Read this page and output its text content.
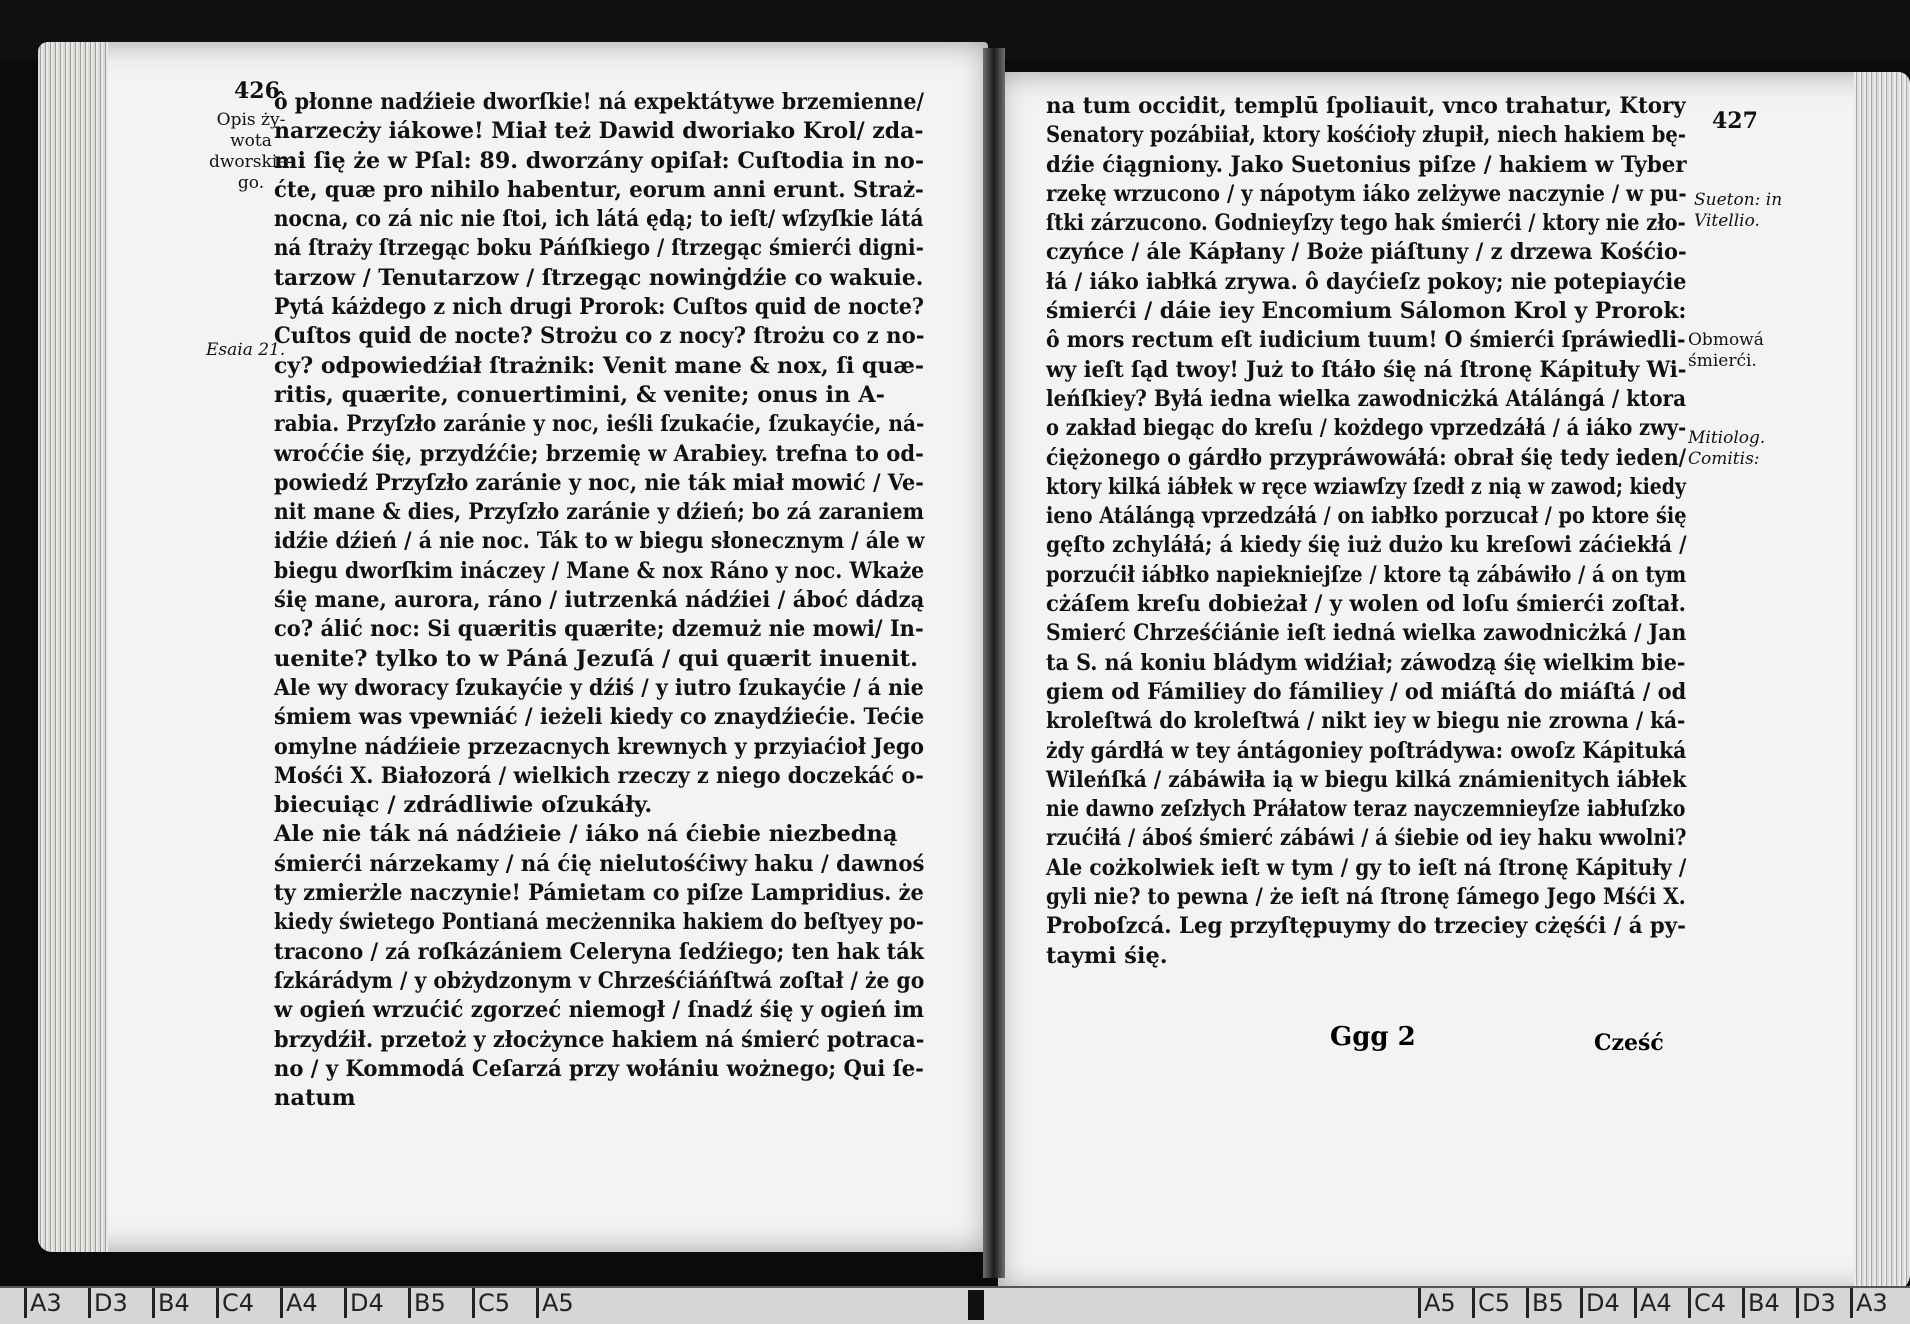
426
Opis ży-
wota
dworskie-
go.
Esaia 21.
ô płonne nadźieie dworſkie! ná expektátywe brzemienne/
narzecży iákowe! Miał też Dawid dworiako Krol/ zda-
mi ſię że w Pſal: 89. dworzány opiſał: Cuſtodia in no-
ćte, quæ pro nihilo habentur, eorum anni erunt. Straż-
nocna, co zá nic nie ſtoi, ich látá ędą; to ieſt/ wſzyſkie látá
ná ſtraży ſtrzegąc boku Páńſkiego / ſtrzegąc śmierći digni-
tarzow / Tenutarzow / ſtrzegąc nowinġdźie co wakuie.
Pytá káżdego z nich drugi Prorok: Cuſtos quid de nocte?
Cuſtos quid de nocte? Strożu co z nocy? ſtrożu co z no-
cy? odpowiedźiał ſtrażnik: Venit mane & nox, ſi quæ-
ritis, quærite, conuertimini, & venite; onus in A-
rabia. Przyſzło zaránie y noc, ieśli ſzukaćie, ſzukayćie, ná-
wroććie śię, przydźćie; brzemię w Arabiey. trefna to od-
powiedź Przyſzło zaránie y noc, nie ták miał mowić / Ve-
nit mane & dies, Przyſzło zaránie y dźień; bo zá zaraniem
idźie dźień / á nie noc. Ták to w biegu słonecznym / ále w
biegu dworſkim ináczey / Mane & nox Ráno y noc. Wkaże
śię mane, aurora, ráno / iutrzenká nádźiei / áboć dádzą
co? álić noc: Si quæritis quærite; ǳemuż nie mowi/ In-
uenite? tylko to w Páná Jezuſá / qui quærit inuenit.
Ale wy dworacy ſzukayćie y dźiś / y iutro ſzukayćie / á nie
śmiem was vpewniáć / ieżeli kiedy co znaydźiećie. Tećie
omylne nádźieie przezacnych krewnych y przyiaćioł Jego
Mośći X. Białozorá / wielkich rzeczy z niego doczekáć o-
biecuiąc / zdrádliwie oſzukáły.
Ale nie ták ná nádźieie / iáko ná ćiebie niezbedną
śmierći nárzekamy / ná ćię nielutośćiwy haku / dawnoś
ty zmierżle naczynie! Pámietam co piſze Lampridius. że
kiedy świetego Pontianá mecżennika hakiem do beſtyey po-
tracono / zá roſkázániem Celeryna ſedźiego; ten hak ták
ſzkárádym / y obżydzonym v Chrześćiáńſtwá zoſtał / że go
w ogień wrzućić zgorzeć niemogł / ſnadź śię y ogień im
brzydźił. przetoż y złocżynce hakiem ná śmierć potraca-
no / y Kommodá Ceſarzá przy wołániu wożnego; Qui ſe-
natum
427
Sueton: in
Vitellio.
Obmowá
śmierći.
Mitiolog.
Comitis:
na tum occidit, templū ſpoliauit, vnco trahatur, Ktory
Senatory pozábiiał, ktory kośćioły złupił, niech hakiem bę-
dźie ćiągniony. Jako Suetonius piſze / hakiem w Tyber
rzekę wrzucono / y nápotym iáko zelżywe naczynie / w pu-
ſtki zárzucono. Godnieyſzy tego hak śmierći / ktory nie zło-
czyńce / ále Kápłany / Boże piáſtuny / z drzewa Kośćio-
łá / iáko iabłká zrywa. ô dayćieſz pokoy; nie potepiayćie
śmierći / dáie iey Encomium Sálomon Krol y Prorok:
ô mors rectum eſt iudicium tuum! O śmierći ſpráwiedli-
wy ieſt ſąd twoy! Już to ſtáło śię ná ſtronę Kápituły Wi-
leńſkiey? Byłá iedna wielka zawodnicżká Atálángá / ktora
o zakład biegąc do kreſu / kożdego vprzedzáłá / á iáko zwy-
ćiężonego o gárdło przypráwowáłá: obrał śię tedy ieden/
ktory kilká iábłek w ręce wziawſzy ſzedł z nią w zawod; kiedy
ieno Atálángą vprzedzáłá / on iabłko porzucał / po ktore śię
gęſto zchyláłá; á kiedy śię iuż dużo ku kreſowi záćiekłá /
porzućił iábłko napiekniejſze / ktore tą zábáwiło / á on tym
cżáſem kreſu dobieżał / y wolen od loſu śmierći zoſtał.
Smierć Chrześćiánie ieſt iedná wielka zawodnicżká / Jan
ta S. ná koniu bládym widźiał; záwodzą śię wielkim bie-
giem od Fámiliey do fámiliey / od miáſtá do miáſtá / od
kroleſtwá do kroleſtwá / nikt iey w biegu nie zrowna / ká-
żdy gárdłá w tey ántágoniey poſtrádywa: owoſz Kápituká
Wileńſká / zábáwiła ią w biegu kilká známienitych iábłek
nie dawno zeſzłych Práłatow teraz nayczemnieyſze iabłuſzko
rzućiłá / áboś śmierć zábáwi / á śiebie od iey haku wwolni?
Ale cożkolwiek ieſt w tym / gy to ieſt ná ſtronę Kápituły /
gyli nie? to pewna / że ieſt ná ſtronę ſámego Jego Mśći X.
Proboſzcá. Leg przyſtępuymy do trzeciey cżęśći / á py-
taymi śię.
Ggg 2	Cześć
A3 D3 B4 C4 A4 D4 B5 C5 A5	A5 C5 B5 D4 A4 C4 B4 D3 A3
